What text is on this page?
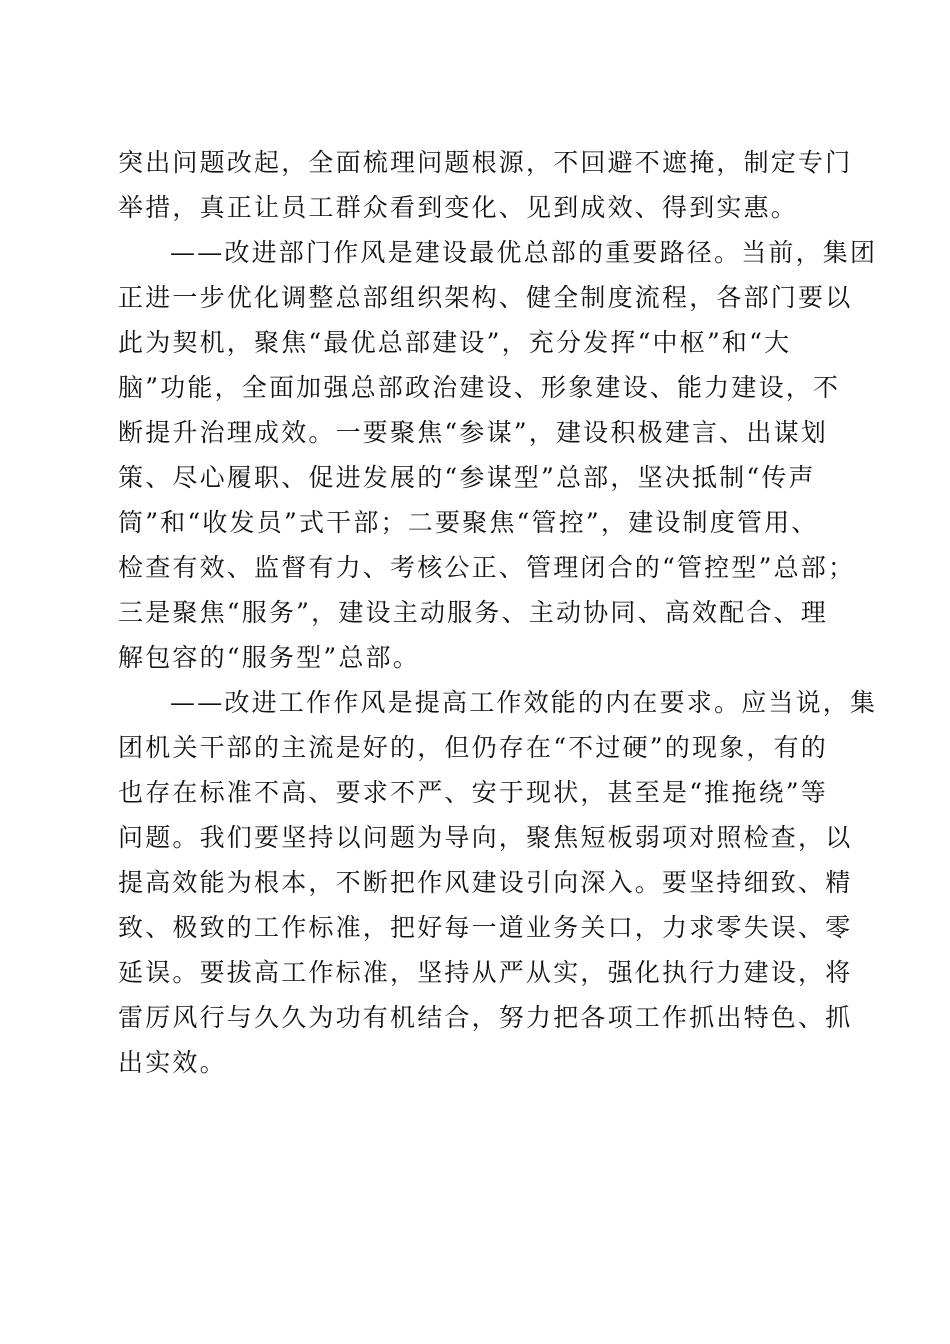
突出问题改起，全面梳理问题根源，不回避不遮掩，制定专门
举措，真正让员工群众看到变化、见到成效、得到实惠。
——改进部门作风是建设最优总部的重要路径。当前，集团
正进一步优化调整总部组织架构、健全制度流程，各部门要以
此为契机，聚焦“最优总部建设”，充分发挥“中枢”和“大
脑”功能，全面加强总部政治建设、形象建设、能力建设，不
断提升治理成效。一要聚焦“参谋”，建设积极建言、出谋划
策、尽心履职、促进发展的“参谋型”总部，坚决抵制“传声
筒”和“收发员”式干部；二要聚焦“管控”，建设制度管用、
检查有效、监督有力、考核公正、管理闭合的“管控型”总部；
三是聚焦“服务”，建设主动服务、主动协同、高效配合、理
解包容的“服务型”总部。
——改进工作作风是提高工作效能的内在要求。应当说，集
团机关干部的主流是好的，但仍存在“不过硬”的现象，有的
也存在标准不高、要求不严、安于现状，甚至是“推拖绕”等
问题。我们要坚持以问题为导向，聚焦短板弱项对照检查，以
提高效能为根本，不断把作风建设引向深入。要坚持细致、精
致、极致的工作标准，把好每一道业务关口，力求零失误、零
延误。要拔高工作标准，坚持从严从实，强化执行力建设，将
雷厉风行与久久为功有机结合，努力把各项工作抓出特色、抓
出实效。
